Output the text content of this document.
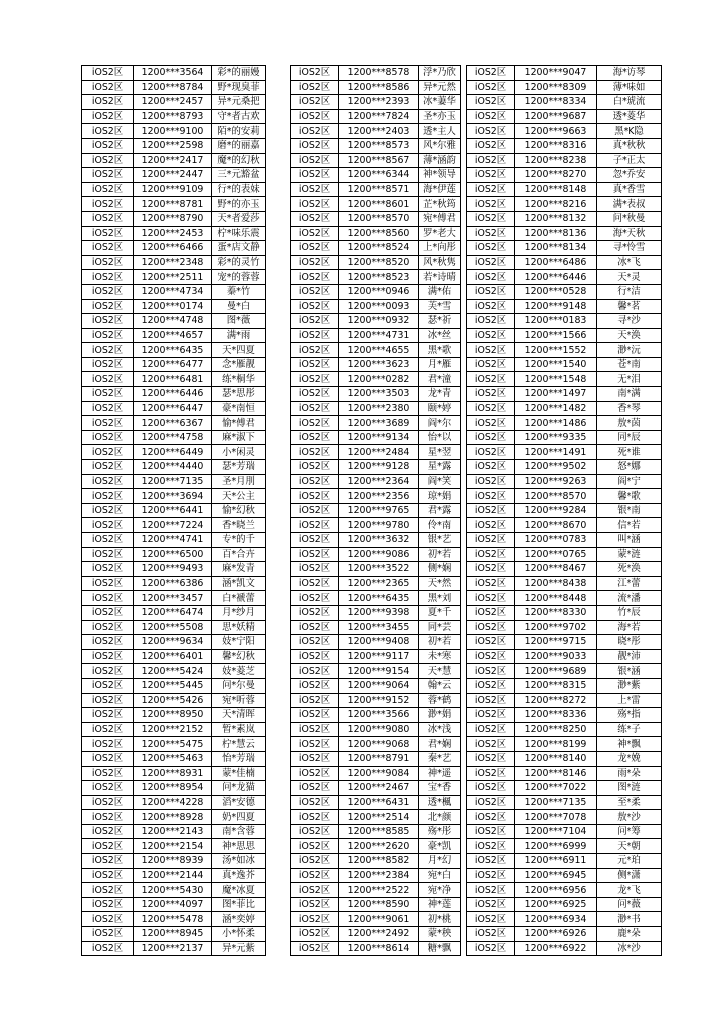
iOS2区	1200***3564	彩*的丽嫚
iOS2区	1200***8784	野*现臭菲
iOS2区	1200***2457	异*元桑把
iOS2区	1200***8793	守*者古欢
iOS2区	1200***9100	陌*的安莉
iOS2区	1200***2598	磨*的丽嘉
iOS2区	1200***2417	魔*的幻秋
iOS2区	1200***2447	三*元豁盆
iOS2区	1200***9109	行*的表妹
iOS2区	1200***8781	野*的亦玉
iOS2区	1200***8790	天*者爱莎
iOS2区	1200***2453	柠*味乐震
iOS2区	1200***6466	蛋*店文静
iOS2区	1200***2348	彩*的灵竹
iOS2区	1200***2511	宠*的蓉蓉
iOS2区	1200***4734	蓁*竹
iOS2区	1200***0174	曼*白
iOS2区	1200***4748	图*薇
iOS2区	1200***4657	满*雨
iOS2区	1200***6435	天*四夏
iOS2区	1200***6477	念*雁靓
iOS2区	1200***6481	练*桐华
iOS2区	1200***6446	瑟*思彤
iOS2区	1200***6447	豪*南恒
iOS2区	1200***6367	愉*傅君
iOS2区	1200***4758	麻*淑下
iOS2区	1200***6449	小*闲灵
iOS2区	1200***4440	瑟*芳瑞
iOS2区	1200***7135	圣*月刖
iOS2区	1200***3694	天*公主
iOS2区	1200***6441	愉*幻秋
iOS2区	1200***7224	香*晓兰
iOS2区	1200***4741	专*的千
iOS2区	1200***6500	百*合卉
iOS2区	1200***9493	麻*发青
iOS2区	1200***6386	涵*凯文
iOS2区	1200***3457	白*褫蕾
iOS2区	1200***6474	月*纱月
iOS2区	1200***5508	思*妖精
iOS2区	1200***9634	妓*宁阳
iOS2区	1200***6401	馨*幻秋
iOS2区	1200***5424	妓*菱芝
iOS2区	1200***5445	问*尔曼
iOS2区	1200***5426	宛*听蓉
iOS2区	1200***8950	天*清晖
iOS2区	1200***2152	暂*素岚
iOS2区	1200***5475	柠*慧云
iOS2区	1200***5463	怡*芳瑞
iOS2区	1200***8931	蒙*佳楠
iOS2区	1200***8954	问*龙猫
iOS2区	1200***4228	滔*安德
iOS2区	1200***8928	奶*四夏
iOS2区	1200***2143	南*含蓉
iOS2区	1200***2154	神*思思
iOS2区	1200***8939	汤*如冰
iOS2区	1200***2144	真*逸芥
iOS2区	1200***5430	魔*冰夏
iOS2区	1200***4097	图*菲比
iOS2区	1200***5478	涵*奕婷
iOS2区	1200***8945	小*怀柔
iOS2区	1200***2137	异*元紫
iOS2区	1200***8578	浮*乃欣
iOS2区	1200***8586	异*元然
iOS2区	1200***2393	冰*萋华
iOS2区	1200***7824	圣*亦玉
iOS2区	1200***2403	透*主人
iOS2区	1200***8573	风*尔雅
iOS2区	1200***8567	薄*涵韵
iOS2区	1200***6344	神*领导
iOS2区	1200***8571	海*伊莲
iOS2区	1200***8601	芷*秋筠
iOS2区	1200***8570	宛*傅君
iOS2区	1200***8560	罗*老大
iOS2区	1200***8524	上*向彤
iOS2区	1200***8520	风*秋隽
iOS2区	1200***8523	若*诗晴
iOS2区	1200***0946	满*佑
iOS2区	1200***0093	芙*雪
iOS2区	1200***0932	瑟*祈
iOS2区	1200***4731	冰*丝
iOS2区	1200***4655	黑*歌
iOS2区	1200***3623	月*雁
iOS2区	1200***0282	君*潼
iOS2区	1200***3503	龙*青
iOS2区	1200***2380	颐*婷
iOS2区	1200***3689	阎*尔
iOS2区	1200***9134	怡*以
iOS2区	1200***2484	星*翌
iOS2区	1200***9128	星*露
iOS2区	1200***2364	阎*笑
iOS2区	1200***2356	琼*娟
iOS2区	1200***9765	君*露
iOS2区	1200***9780	伶*南
iOS2区	1200***3632	银*艺
iOS2区	1200***9086	初*若
iOS2区	1200***3522	侧*娴
iOS2区	1200***2365	天*然
iOS2区	1200***6435	黑*刘
iOS2区	1200***9398	夏*千
iOS2区	1200***3455	同*芸
iOS2区	1200***9408	初*若
iOS2区	1200***9117	未*寒
iOS2区	1200***9154	天*慧
iOS2区	1200***9064	翰*云
iOS2区	1200***9152	蓉*鹤
iOS2区	1200***3566	渺*娟
iOS2区	1200***9080	冰*浅
iOS2区	1200***9068	君*娴
iOS2区	1200***8791	秦*艺
iOS2区	1200***9084	神*遥
iOS2区	1200***2467	宝*香
iOS2区	1200***6431	透*楓
iOS2区	1200***2514	北*颜
iOS2区	1200***8585	殇*彤
iOS2区	1200***2620	豪*凯
iOS2区	1200***8582	月*幻
iOS2区	1200***2384	宛*白
iOS2区	1200***2522	宛*净
iOS2区	1200***8590	神*莲
iOS2区	1200***9061	初*桃
iOS2区	1200***2492	蒙*秧
iOS2区	1200***8614	糖*飘
iOS2区	1200***9047	海*访琴
iOS2区	1200***8309	薄*味如
iOS2区	1200***8334	白*琥流
iOS2区	1200***9687	透*菱华
iOS2区	1200***9663	黑*K隐
iOS2区	1200***8316	真*秋秋
iOS2区	1200***8238	子*正太
iOS2区	1200***8270	忽*乔安
iOS2区	1200***8148	真*香雪
iOS2区	1200***8216	满*表叔
iOS2区	1200***8132	问*秋曼
iOS2区	1200***8136	海*天秋
iOS2区	1200***8134	寻*怜雪
iOS2区	1200***6486	冰*飞
iOS2区	1200***6446	天*灵
iOS2区	1200***0528	行*洁
iOS2区	1200***9148	馨*茗
iOS2区	1200***0183	寻*沙
iOS2区	1200***1566	天*涣
iOS2区	1200***1552	渺*沅
iOS2区	1200***1540	苍*南
iOS2区	1200***1548	无*泪
iOS2区	1200***1497	南*满
iOS2区	1200***1482	香*琴
iOS2区	1200***1486	敖*茵
iOS2区	1200***9335	同*辰
iOS2区	1200***1491	死*谁
iOS2区	1200***9502	怒*娜
iOS2区	1200***9263	阎*宁
iOS2区	1200***8570	馨*歌
iOS2区	1200***9284	银*南
iOS2区	1200***8670	信*若
iOS2区	1200***0783	叫*涵
iOS2区	1200***0765	蒙*涟
iOS2区	1200***8467	死*涣
iOS2区	1200***8438	江*蕾
iOS2区	1200***8448	流*潘
iOS2区	1200***8330	竹*辰
iOS2区	1200***9702	海*若
iOS2区	1200***9715	晓*彤
iOS2区	1200***9033	靓*沛
iOS2区	1200***9689	银*涵
iOS2区	1200***8315	渺*紫
iOS2区	1200***8272	上*雷
iOS2区	1200***8336	殇*指
iOS2区	1200***8250	练*子
iOS2区	1200***8199	神*飘
iOS2区	1200***8140	龙*娩
iOS2区	1200***8146	雨*朵
iOS2区	1200***7022	图*涟
iOS2区	1200***7135	至*柔
iOS2区	1200***7078	敖*沙
iOS2区	1200***7104	问*筹
iOS2区	1200***6999	天*朝
iOS2区	1200***6911	元*珀
iOS2区	1200***6945	侧*潇
iOS2区	1200***6956	龙*飞
iOS2区	1200***6925	问*薇
iOS2区	1200***6934	渺*书
iOS2区	1200***6926	鹿*朵
iOS2区	1200***6922	冰*沙
